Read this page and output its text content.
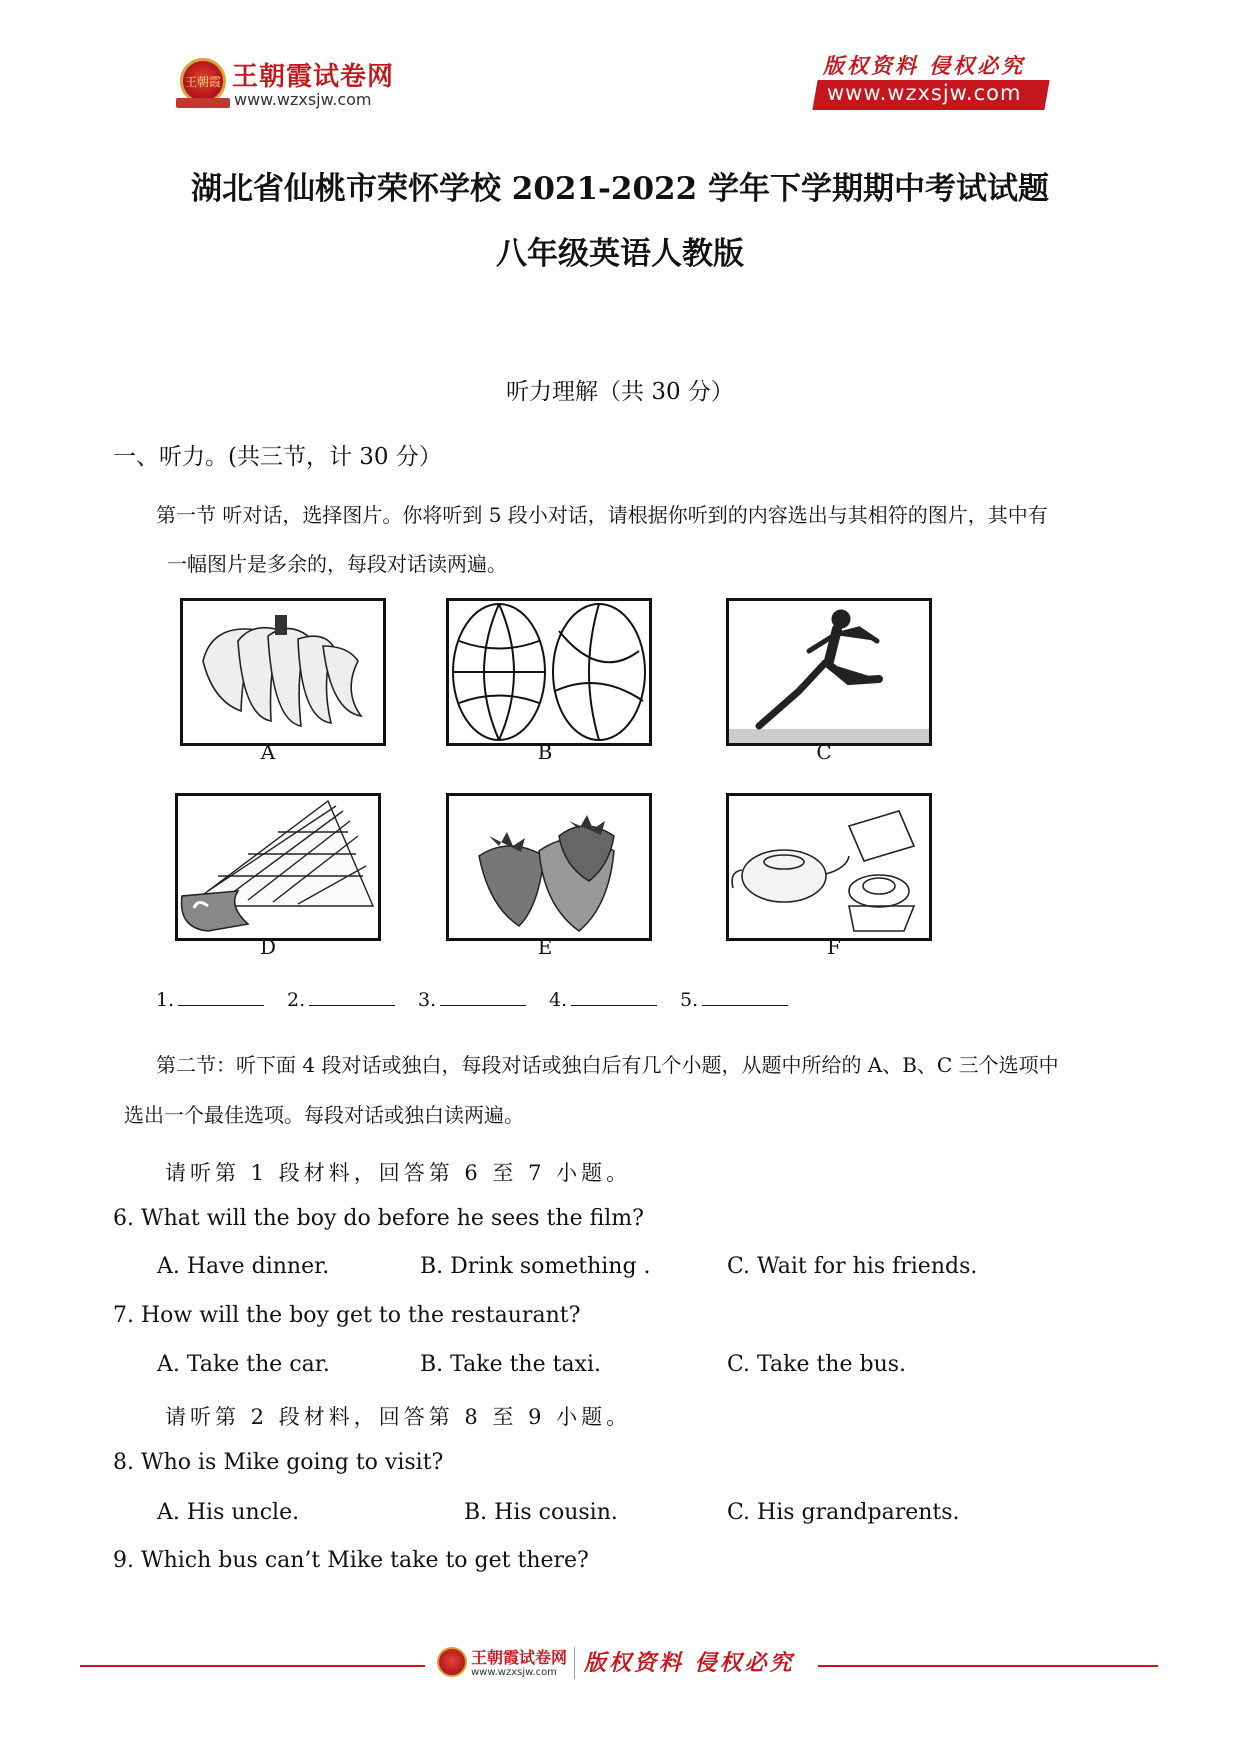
王朝霞 王朝霞试卷网
www.wzxsjw.com
版权资料 侵权必究
www.wzxsjw.com
湖北省仙桃市荣怀学校 2021-2022 学年下学期期中考试试题
八年级英语人教版
听力理解（共 30 分）
一、听力。(共三节，计 30 分）
第一节 听对话，选择图片。你将听到 5 段小对话，请根据你听到的内容选出与其相符的图片，其中有
一幅图片是多余的，每段对话读两遍。
A	B	C
D	E	F
1.	2.	3.	4.	5.
第二节：听下面 4 段对话或独白，每段对话或独白后有几个小题，从题中所给的 A、B、C 三个选项中
选出一个最佳选项。每段对话或独白读两遍。
请听第 1 段材料，回答第 6 至 7 小题。
6. What will the boy do before he sees the film?
A. Have dinner.	B. Drink something .	C. Wait for his friends.
7. How will the boy get to the restaurant?
A. Take the car.	B. Take the taxi.	C. Take the bus.
请听第 2 段材料，回答第 8 至 9 小题。
8. Who is Mike going to visit?
A. His uncle.	B. His cousin.	C. His grandparents.
9. Which bus can’t Mike take to get there?
王朝霞试卷网
www.wzxsjw.com 版权资料 侵权必究
